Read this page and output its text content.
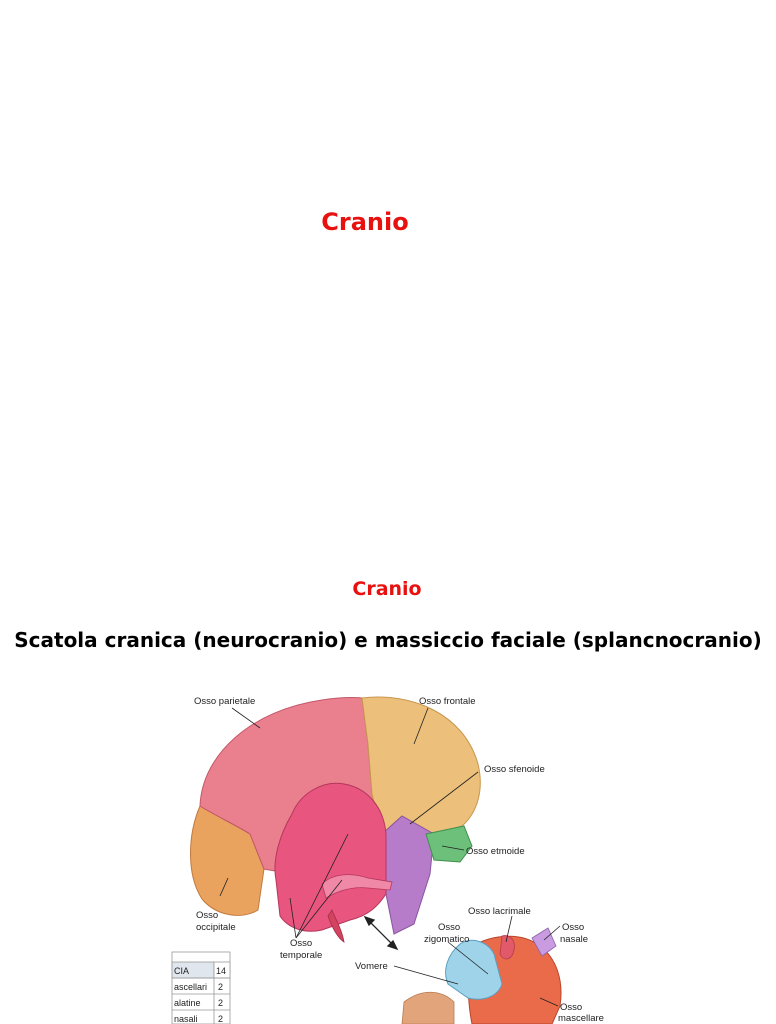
Cranio
Cranio
Scatola cranica (neurocranio) e massiccio faciale (splancnocranio)
Osso parietale	Osso frontale
Osso sfenoide
Osso etmoide
Osso
occipitale
Osso
temporale
Vomere
Osso lacrimale
Osso
zigomatico
Osso
nasale
Osso
mascellare
CIA	14
ascellari 2
alatine 2
nasali 2
